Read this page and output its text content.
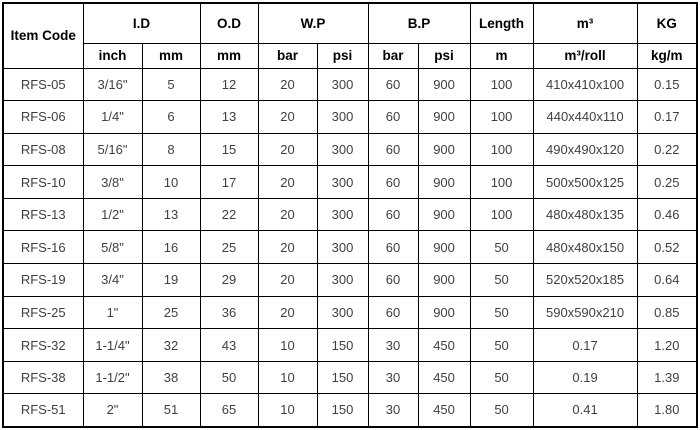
Item Code	I.D		O.D	W.P		B.P		Length	m³	KG
	inch	mm	mm	bar	psi	bar	psi	m	m³/roll	kg/m
RFS-05	3/16"	5	12	20	300	60	900	100	410x410x100	0.15
RFS-06	1/4"	6	13	20	300	60	900	100	440x440x110	0.17
RFS-08	5/16"	8	15	20	300	60	900	100	490x490x120	0.22
RFS-10	3/8"	10	17	20	300	60	900	100	500x500x125	0.25
RFS-13	1/2"	13	22	20	300	60	900	100	480x480x135	0.46
RFS-16	5/8"	16	25	20	300	60	900	50	480x480x150	0.52
RFS-19	3/4"	19	29	20	300	60	900	50	520x520x185	0.64
RFS-25	1"	25	36	20	300	60	900	50	590x590x210	0.85
RFS-32	1-1/4"	32	43	10	150	30	450	50	0.17	1.20
RFS-38	1-1/2"	38	50	10	150	30	450	50	0.19	1.39
RFS-51	2"	51	65	10	150	30	450	50	0.41	1.80
